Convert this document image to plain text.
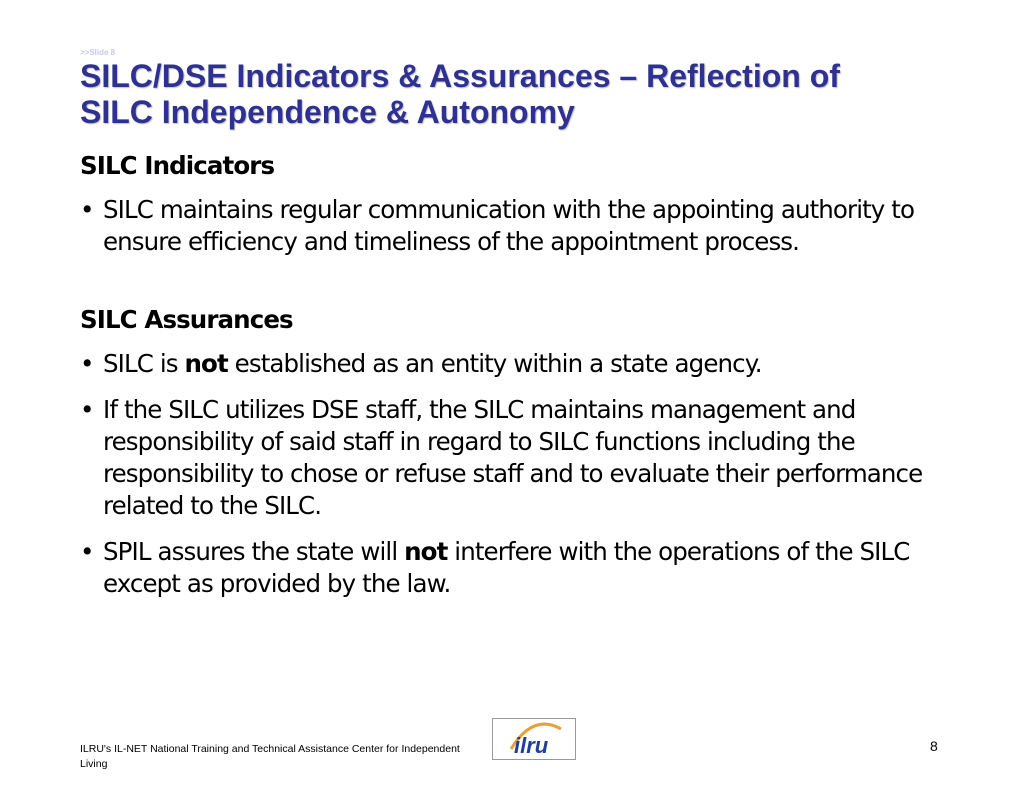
>>Slide 8
SILC/DSE Indicators & Assurances – Reflection of
SILC Independence & Autonomy
SILC Indicators
• SILC maintains regular communication with the appointing authority to ensure efficiency and timeliness of the appointment process.
SILC Assurances
• SILC is not established as an entity within a state agency.
• If the SILC utilizes DSE staff, the SILC maintains management and responsibility of said staff in regard to SILC functions including the responsibility to chose or refuse staff and to evaluate their performance related to the SILC.
• SPIL assures the state will not interfere with the operations of the SILC except as provided by the law.
ILRU's IL-NET National Training and Technical Assistance Center for Independent Living
ilru	8
